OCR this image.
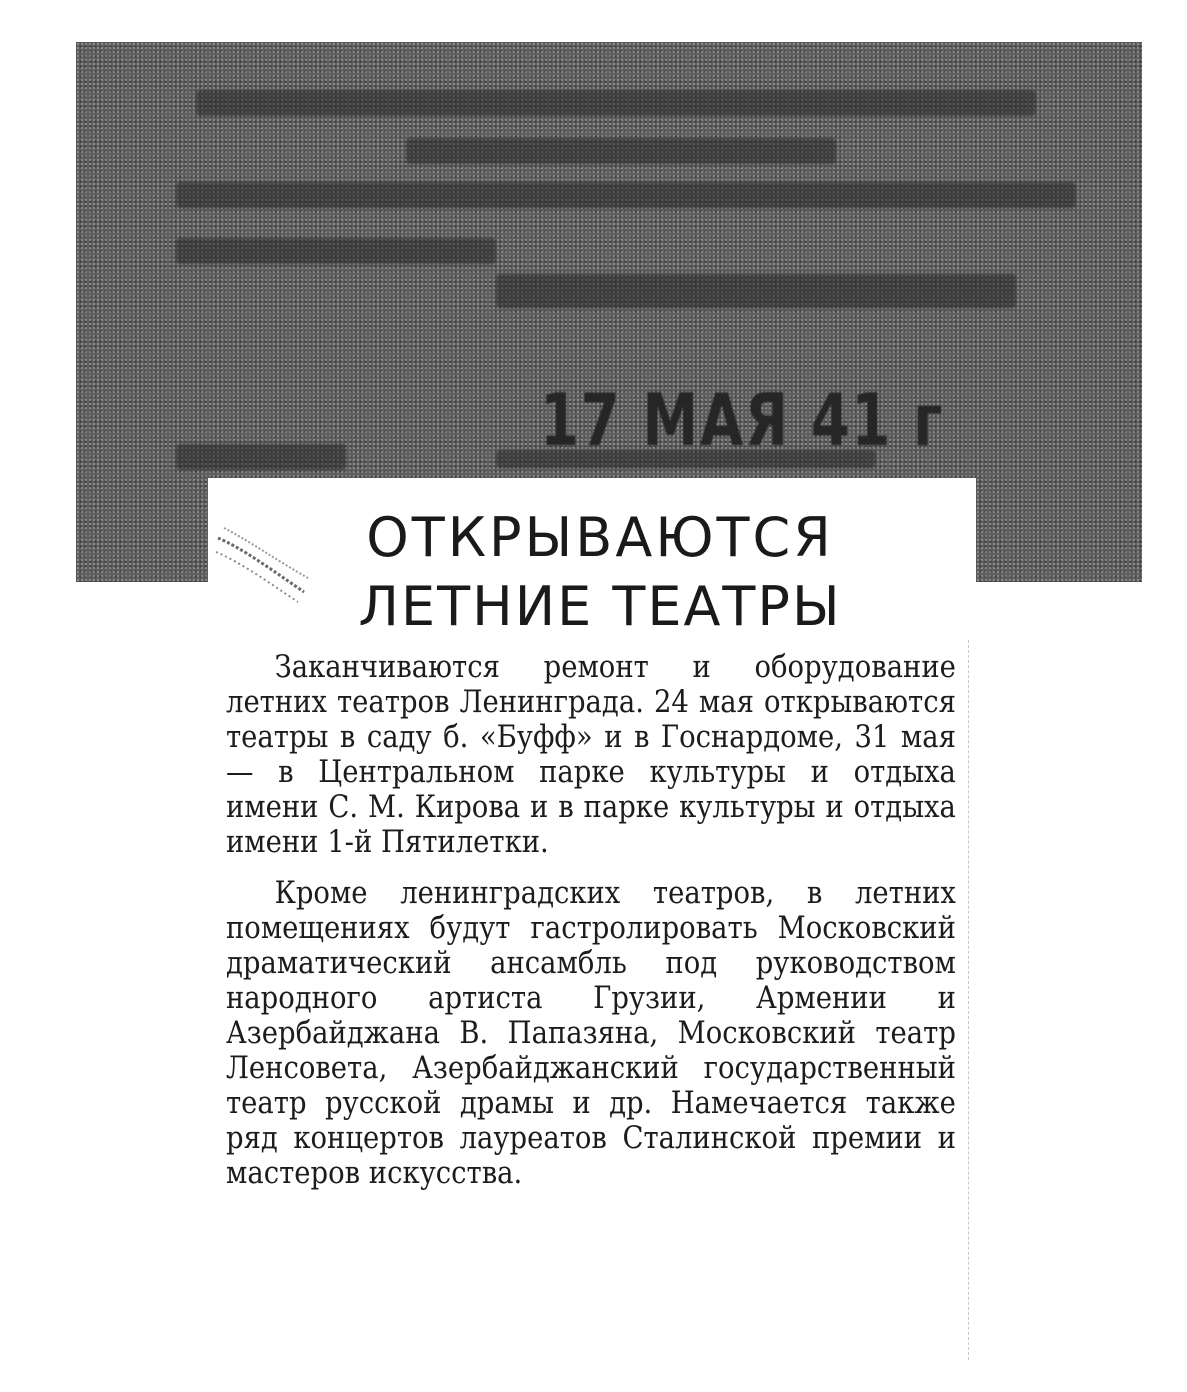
17 МАЯ 41 г
ОТКРЫВАЮТСЯ
ЛЕТНИЕ ТЕАТРЫ

Заканчиваются ремонт и оборудование летних театров Ленинграда. 24 мая открываются театры в саду б. «Буфф» и в Госнардоме, 31 мая — в Центральном парке культуры и отдыха имени С. М. Кирова и в парке культуры и отдыха имени 1-й Пятилетки.

Кроме ленинградских театров, в летних помещениях будут гастролировать Московский драматический ансамбль под руководством народного артиста Грузии, Армении и Азербайджана В. Папазяна, Московский театр Ленсовета, Азербайджанский государственный театр русской драмы и др. Намечается также ряд концертов лауреатов Сталинской премии и мастеров искусства.
